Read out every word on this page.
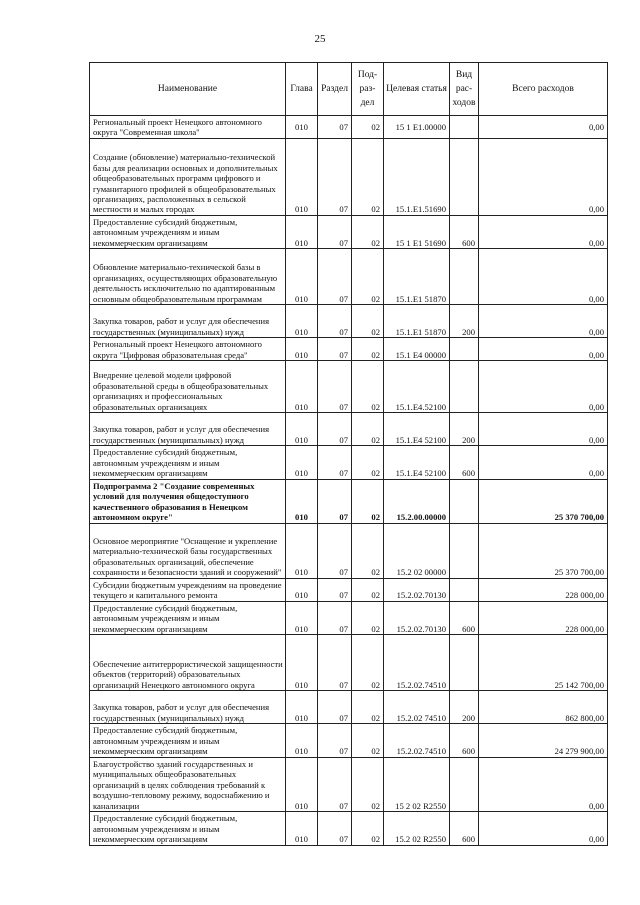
25
Наименование	Глава	Раздел	Под-раз-дел	Целевая статья	Вид рас-ходов	Всего расходов
Региональный проект Ненецкого автономного округа "Современная школа"	010	07	02	15 1 E1.00000		0,00
Создание (обновление) материально-технической базы для реализации основных и дополнительных общеобразовательных программ цифрового и гуманитарного профилей в общеобразовательных организациях, расположенных в сельской местности и малых городах	010	07	02	15.1.E1.51690		0,00
Предоставление субсидий бюджетным, автономным учреждениям и иным некоммерческим организациям	010	07	02	15 1 E1 51690	600	0,00
Обновление материально-технической базы в организациях, осуществляющих образовательную деятельность исключительно по адаптированным основным общеобразовательным программам	010	07	02	15.1.E1 51870		0,00
Закупка товаров, работ и услуг для обеспечения государственных (муниципальных) нужд	010	07	02	15.1.E1 51870	200	0,00
Региональный проект Ненецкого автономного округа "Цифровая образовательная среда"	010	07	02	15.1 E4 00000		0,00
Внедрение целевой модели цифровой образовательной среды в общеобразовательных организациях и профессиональных образовательных организациях	010	07	02	15.1.E4.52100		0,00
Закупка товаров, работ и услуг для обеспечения государственных (муниципальных) нужд	010	07	02	15.1.E4 52100	200	0,00
Предоставление субсидий бюджетным, автономным учреждениям и иным некоммерческим организациям	010	07	02	15.1.E4 52100	600	0,00
Подпрограмма 2 "Создание современных условий для получения общедоступного качественного образования в Ненецком автономном округе"	010	07	02	15.2.00.00000		25 370 700,00
Основное мероприятие "Оснащение и укрепление материально-технической базы государственных образовательных организаций, обеспечение сохранности и безопасности зданий и сооружений"	010	07	02	15.2 02 00000		25 370 700,00
Субсидии бюджетным учреждениям на проведение текущего и капитального ремонта	010	07	02	15.2.02.70130		228 000,00
Предоставление субсидий бюджетным, автономным учреждениям и иным некоммерческим организациям	010	07	02	15.2.02.70130	600	228 000,00
Обеспечение антитеррористической защищенности объектов (территорий) образовательных организаций Ненецкого автономного округа	010	07	02	15.2.02.74510		25 142 700,00
Закупка товаров, работ и услуг для обеспечения государственных (муниципальных) нужд	010	07	02	15.2.02 74510	200	862 800,00
Предоставление субсидий бюджетным, автономным учреждениям и иным некоммерческим организациям	010	07	02	15.2.02.74510	600	24 279 900,00
Благоустройство зданий государственных и муниципальных общеобразовательных организаций в целях соблюдения требований к воздушно-тепловому режиму, водоснабжению и канализации	010	07	02	15 2 02 R2550		0,00
Предоставление субсидий бюджетным, автономным учреждениям и иным некоммерческим организациям	010	07	02	15.2 02 R2550	600	0,00
